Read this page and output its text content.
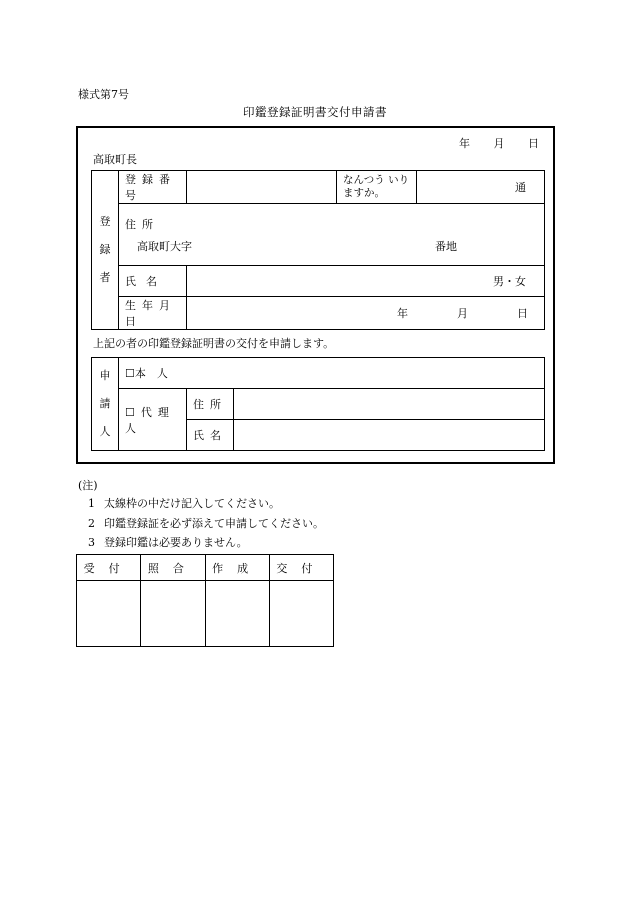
様式第7号
印鑑登録証明書交付申請書
年 月 日
高取町長
登
録
者	登録番号		なんつう いりますか。	通

	住所
高取町大字 番地			

	氏名	男・女		
	生年月日	年 月 日		
上記の者の印鑑登録証明書の交付を申請します。
申
請
人	☐本　人		
	☐代理人	住所	
		氏名	
(注)
1 太線枠の中だけ記入してください。
2 印鑑登録証を必ず添えて申請してください。
3 登録印鑑は必要ありません。
受付	照合	作成	交付
